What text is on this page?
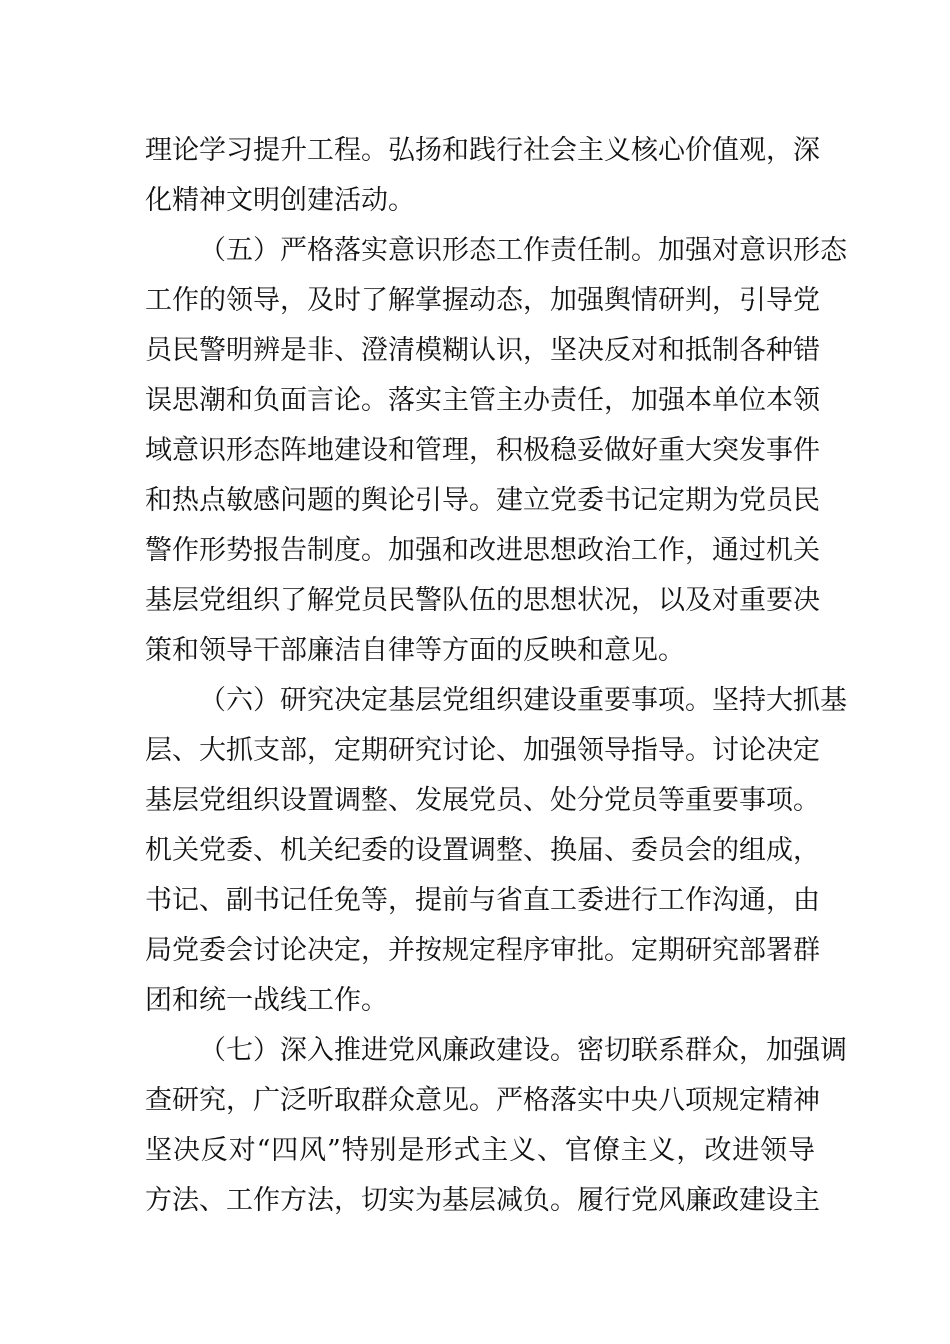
理论学习提升工程。弘扬和践行社会主义核心价值观，深
化精神文明创建活动。
（五）严格落实意识形态工作责任制。加强对意识形态
工作的领导，及时了解掌握动态，加强舆情研判，引导党
员民警明辨是非、澄清模糊认识，坚决反对和抵制各种错
误思潮和负面言论。落实主管主办责任，加强本单位本领
域意识形态阵地建设和管理，积极稳妥做好重大突发事件
和热点敏感问题的舆论引导。建立党委书记定期为党员民
警作形势报告制度。加强和改进思想政治工作，通过机关
基层党组织了解党员民警队伍的思想状况，以及对重要决
策和领导干部廉洁自律等方面的反映和意见。
（六）研究决定基层党组织建设重要事项。坚持大抓基
层、大抓支部，定期研究讨论、加强领导指导。讨论决定
基层党组织设置调整、发展党员、处分党员等重要事项。
机关党委、机关纪委的设置调整、换届、委员会的组成，
书记、副书记任免等，提前与省直工委进行工作沟通，由
局党委会讨论决定，并按规定程序审批。定期研究部署群
团和统一战线工作。
（七）深入推进党风廉政建设。密切联系群众，加强调
查研究，广泛听取群众意见。严格落实中央八项规定精神
坚决反对“四风”特别是形式主义、官僚主义，改进领导
方法、工作方法，切实为基层减负。履行党风廉政建设主
